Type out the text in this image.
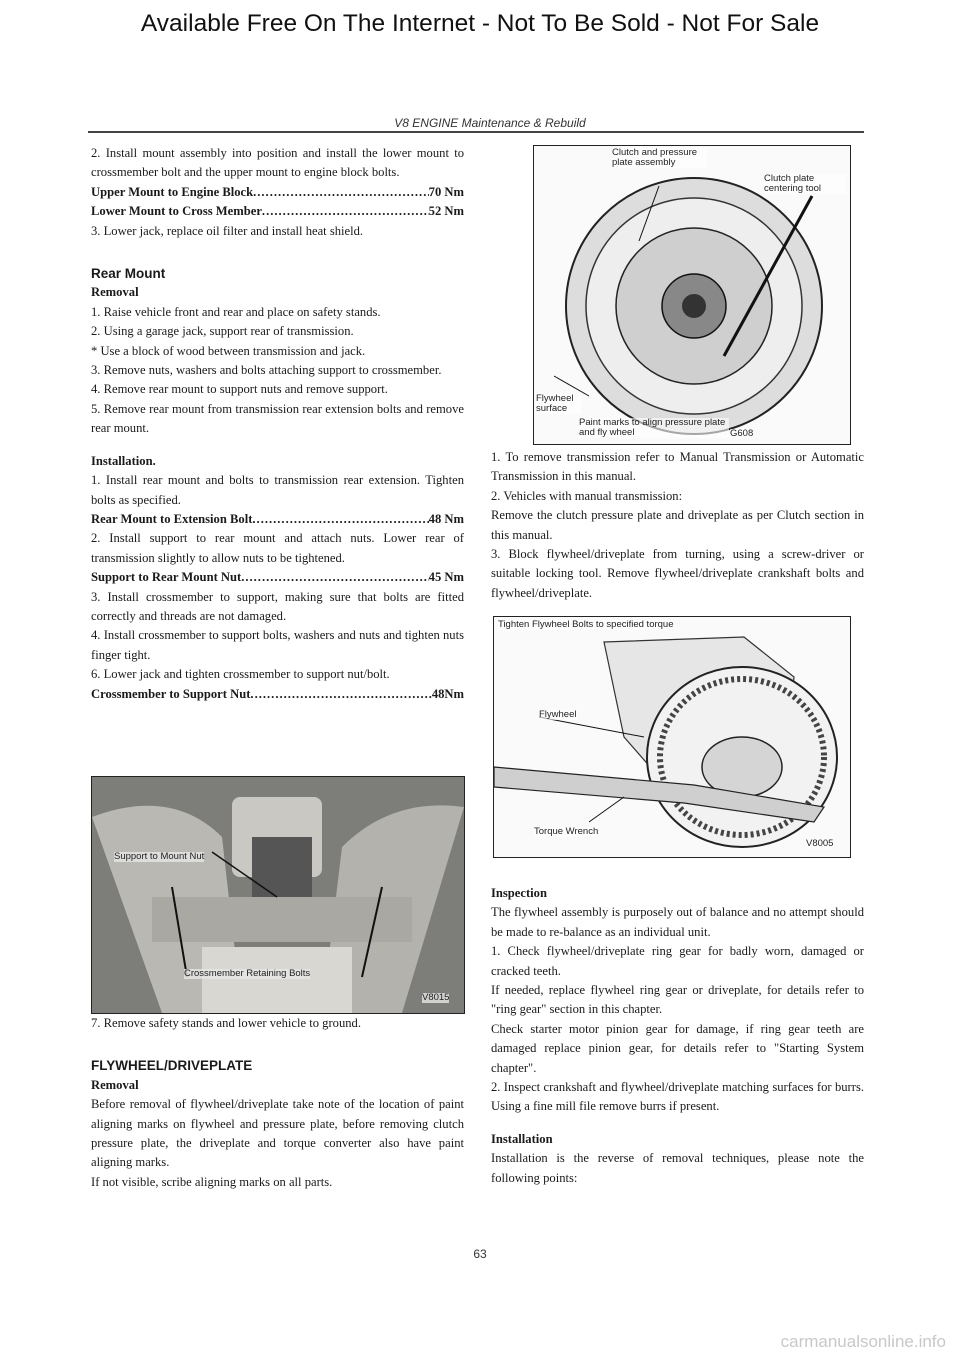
Available Free On The Internet - Not To Be Sold - Not For Sale
V8 ENGINE Maintenance & Rebuild

2. Install mount assembly into position and install the lower mount to crossmember bolt and the upper mount to engine block bolts.

Upper Mount to Engine Block .....	70 Nm
Lower Mount to Cross Member .....	52 Nm

3. Lower jack, replace oil filter and install heat shield.

Rear Mount

Removal

1. Raise vehicle front and rear and place on safety stands.

2. Using a garage jack, support rear of transmission.

* Use a block of wood between transmission and jack.

3. Remove nuts, washers and bolts attaching support to crossmember.

4. Remove rear mount to support nuts and remove support.

5. Remove rear mount from transmission rear extension bolts and remove rear mount.

Installation.

1. Install rear mount and bolts to transmission rear extension. Tighten bolts as specified.

Rear Mount to Extension Bolt .....	48 Nm

2. Install support to rear mount and attach nuts. Lower rear of transmission slightly to allow nuts to be tightened.

Support to Rear Mount Nut .....	45 Nm

3. Install crossmember to support, making sure that bolts are fitted correctly and threads are not damaged.

4. Install crossmember to support bolts, washers and nuts and tighten nuts finger tight.

6. Lower jack and tighten crossmember to support nut/bolt.

Crossmember to Support Nut .....	48Nm
Support to Mount Nut
Crossmember Retaining Bolts
V8015

7. Remove safety stands and lower vehicle to ground.

FLYWHEEL/DRIVEPLATE

Removal

Before removal of flywheel/driveplate take note of the location of paint aligning marks on flywheel and pressure plate, before removing clutch pressure plate, the driveplate and torque converter also have paint aligning marks.

If not visible, scribe aligning marks on all parts.

Clutch and pressure plate assembly
Clutch plate centering tool
Flywheel surface
Paint marks to align pressure plate and fly wheel	G608

1. To remove transmission refer to Manual Transmission or Automatic Transmission in this manual.

2. Vehicles with manual transmission:

Remove the clutch pressure plate and driveplate as per Clutch section in this manual.

3. Block flywheel/driveplate from turning, using a screw-driver or suitable locking tool. Remove flywheel/driveplate crankshaft bolts and flywheel/driveplate.

Tighten Flywheel Bolts to specified torque
Flywheel
Torque Wrench
V8005

Inspection

The flywheel assembly is purposely out of balance and no attempt should be made to re-balance as an individual unit.

1. Check flywheel/driveplate ring gear for badly worn, damaged or cracked teeth.

If needed, replace flywheel ring gear or driveplate, for details refer to "ring gear" section in this chapter.

Check starter motor pinion gear for damage, if ring gear teeth are damaged replace pinion gear, for details refer to "Starting System chapter".

2. Inspect crankshaft and flywheel/driveplate matching surfaces for burrs. Using a fine mill file remove burrs if present.

Installation

Installation is the reverse of removal techniques, please note the following points:

63
carmanualsonline.info
